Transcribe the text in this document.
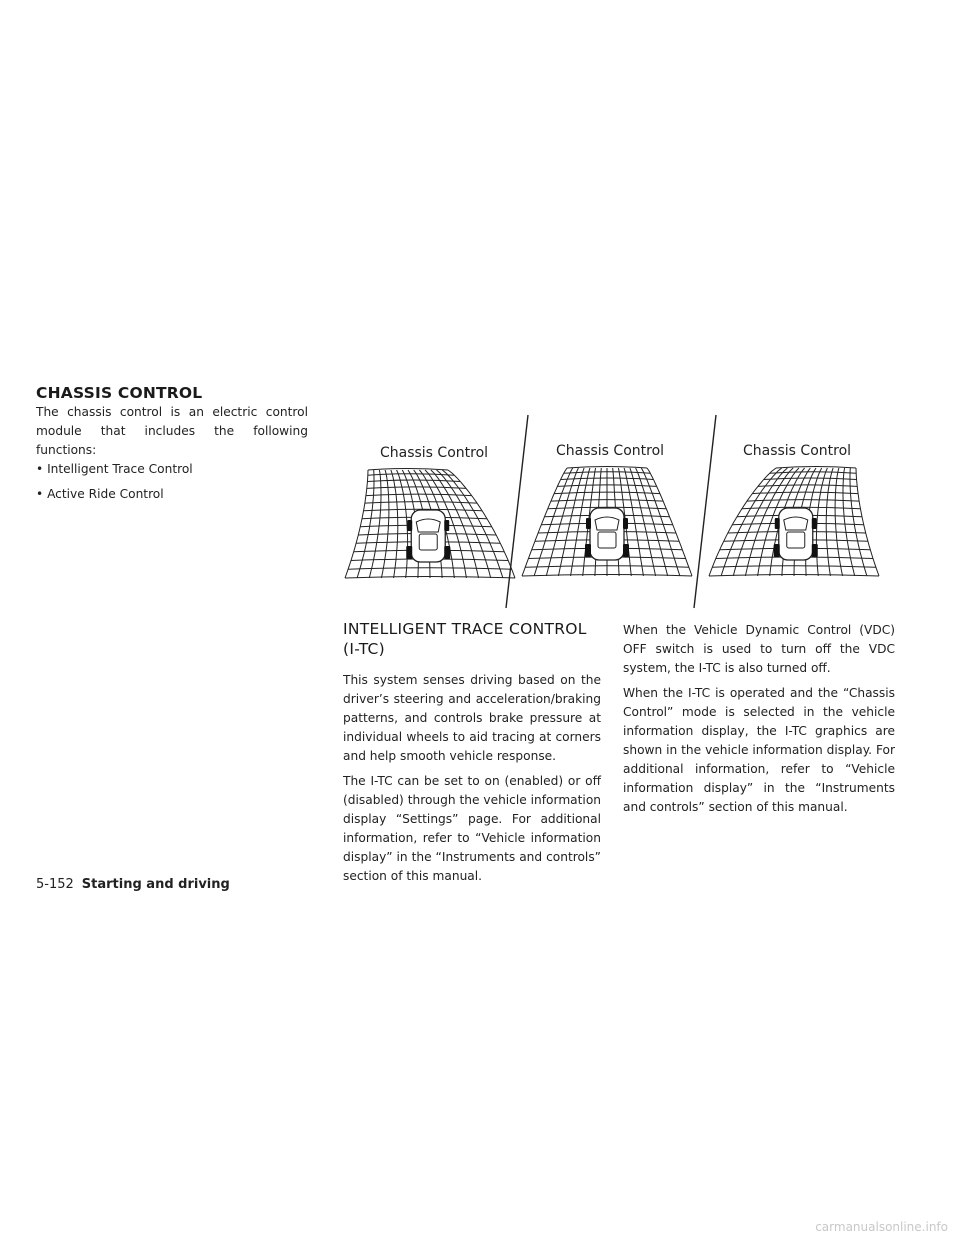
CHASSIS CONTROL

The chassis control is an electric control module that includes the following functions:

• Intelligent Trace Control

• Active Ride Control

Chassis Control	Chassis Control	Chassis Control
INTELLIGENT TRACE CONTROL (I-TC)

This system senses driving based on the driver’s steering and acceleration/braking patterns, and controls brake pressure at individual wheels to aid tracing at corners and help smooth vehicle response.

The I-TC can be set to on (enabled) or off (disabled) through the vehicle information display “Settings” page. For additional information, refer to “Vehicle information display” in the “Instruments and controls” section of this manual.

When the Vehicle Dynamic Control (VDC) OFF switch is used to turn off the VDC system, the I-TC is also turned off.

When the I-TC is operated and the “Chassis Control” mode is selected in the vehicle information display, the I-TC graphics are shown in the vehicle information display. For additional information, refer to “Vehicle information display” in the “Instruments and controls” section of this manual.

5-152 Starting and driving
carmanualsonline.info
